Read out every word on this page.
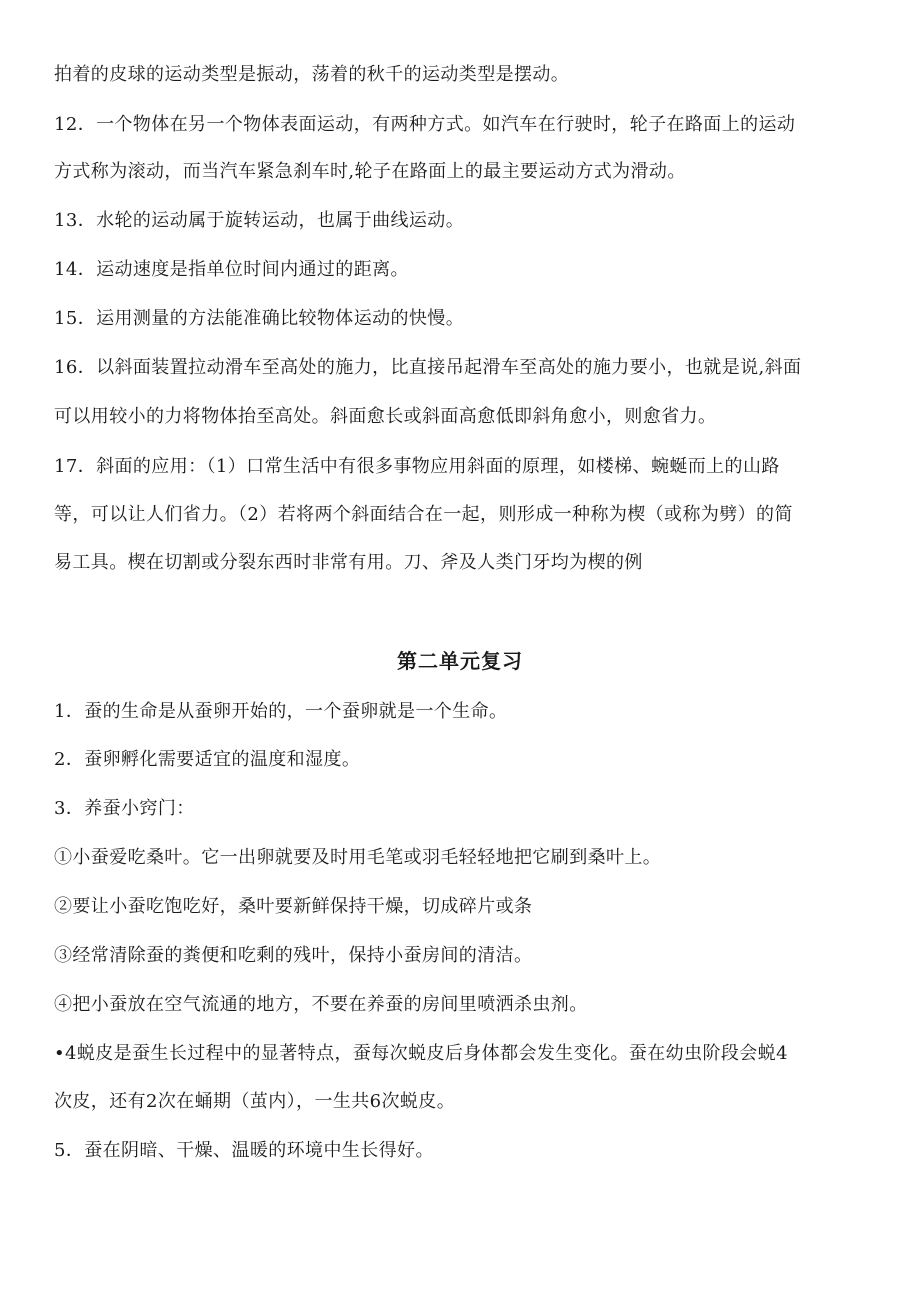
拍着的皮球的运动类型是振动，荡着的秋千的运动类型是摆动。
12．一个物体在另一个物体表面运动，有两种方式。如汽车在行驶时，轮子在路面上的运动
方式称为滚动，而当汽车紧急刹车时,轮子在路面上的最主要运动方式为滑动。
13．水轮的运动属于旋转运动，也属于曲线运动。
14．运动速度是指单位时间内通过的距离。
15．运用测量的方法能准确比较物体运动的快慢。
16．以斜面装置拉动滑车至高处的施力，比直接吊起滑车至高处的施力要小，也就是说,斜面
可以用较小的力将物体抬至高处。斜面愈长或斜面高愈低即斜角愈小，则愈省力。
17．斜面的应用：（1）口常生活中有很多事物应用斜面的原理，如楼梯、蜿蜒而上的山路
等，可以让人们省力。（2）若将两个斜面结合在一起，则形成一种称为楔（或称为劈）的简
易工具。楔在切割或分裂东西时非常有用。刀、斧及人类门牙均为楔的例
第二单元复习
1．蚕的生命是从蚕卵开始的，一个蚕卵就是一个生命。
2．蚕卵孵化需要适宜的温度和湿度。
3．养蚕小窍门：
①小蚕爱吃桑叶。它一出卵就要及时用毛笔或羽毛轻轻地把它刷到桑叶上。
②要让小蚕吃饱吃好，桑叶要新鲜保持干燥，切成碎片或条
③经常清除蚕的粪便和吃剩的残叶，保持小蚕房间的清洁。
④把小蚕放在空气流通的地方，不要在养蚕的房间里喷洒杀虫剂。
•4蜕皮是蚕生长过程中的显著特点，蚕每次蜕皮后身体都会发生变化。蚕在幼虫阶段会蜕4
次皮，还有2次在蛹期（茧内），一生共6次蜕皮。
5．蚕在阴暗、干燥、温暖的环境中生长得好。
